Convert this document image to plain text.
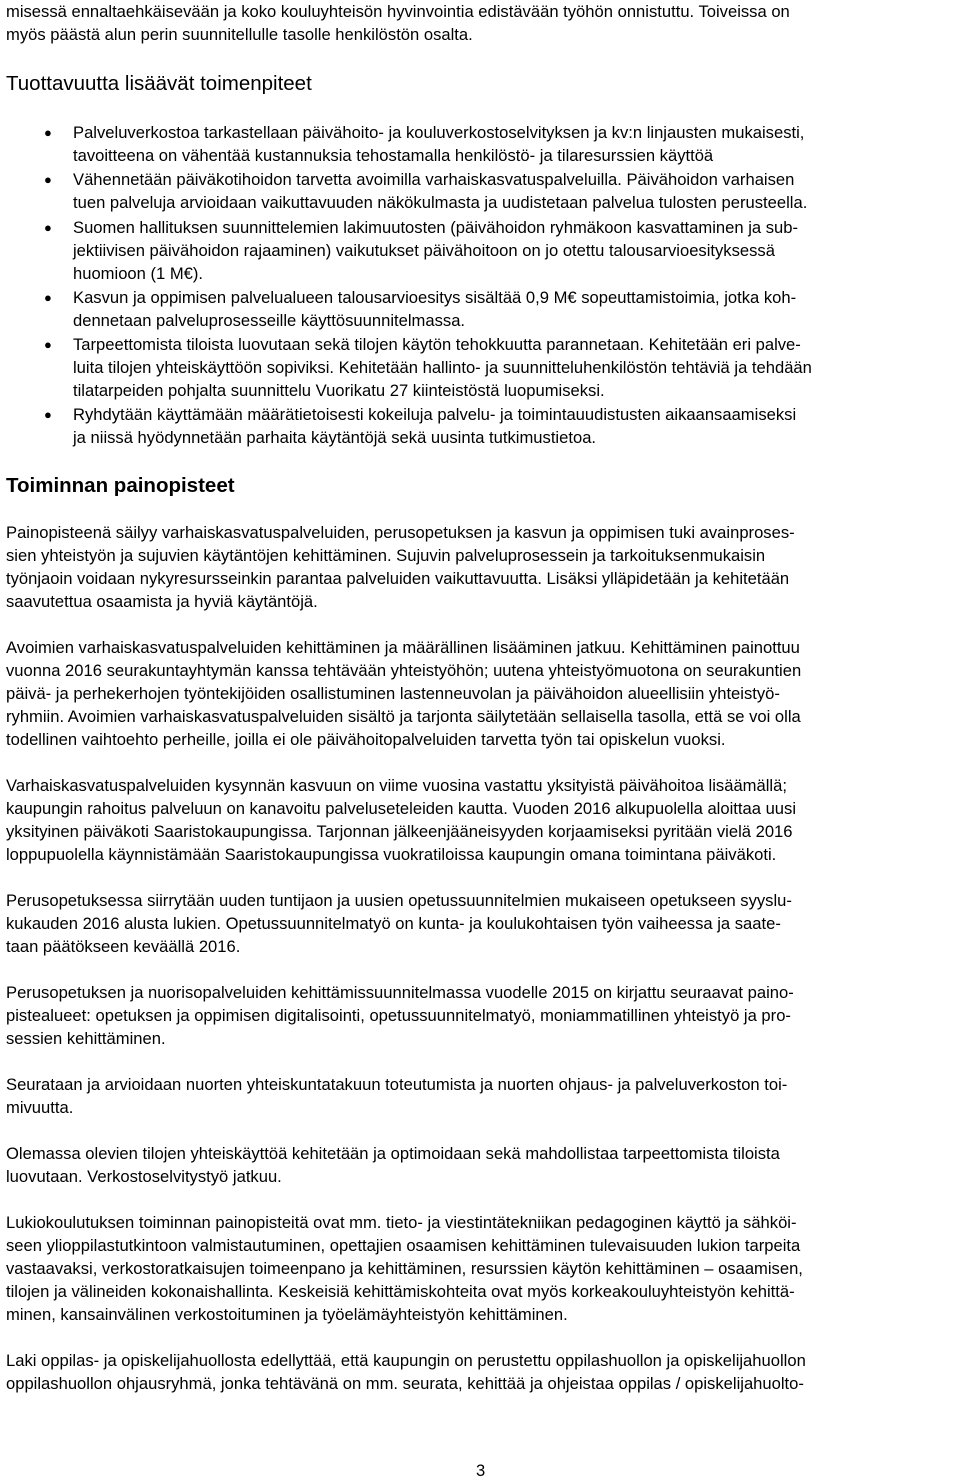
misessä ennaltaehkäisevään ja koko kouluyhteisön hyvinvointia edistävään työhön onnistuttu. Toiveissa on
myös päästä alun perin suunnitellulle tasolle henkilöstön osalta.
Tuottavuutta lisäävät toimenpiteet
● Palveluverkostoa tarkastellaan päivähoito- ja kouluverkostoselvityksen ja kv:n linjausten mukaisesti,
tavoitteena on vähentää kustannuksia tehostamalla henkilöstö- ja tilaresurssien käyttöä
● Vähennetään päiväkotihoidon tarvetta avoimilla varhaiskasvatuspalveluilla. Päivähoidon varhaisen
tuen palveluja arvioidaan vaikuttavuuden näkökulmasta ja uudistetaan palvelua tulosten perusteella.
● Suomen hallituksen suunnittelemien lakimuutosten (päivähoidon ryhmäkoon kasvattaminen ja sub-
jektiivisen päivähoidon rajaaminen) vaikutukset päivähoitoon on jo otettu talousarvioesityksessä
huomioon (1 M€).
● Kasvun ja oppimisen palvelualueen talousarvioesitys sisältää 0,9 M€ sopeuttamistoimia, jotka koh-
dennetaan palveluprosesseille käyttösuunnitelmassa.
● Tarpeettomista tiloista luovutaan sekä tilojen käytön tehokkuutta parannetaan. Kehitetään eri palve-
luita tilojen yhteiskäyttöön sopiviksi. Kehitetään hallinto- ja suunnitteluhenkilöstön tehtäviä ja tehdään
tilatarpeiden pohjalta suunnittelu Vuorikatu 27 kiinteistöstä luopumiseksi.
● Ryhdytään käyttämään määrätietoisesti kokeiluja palvelu- ja toimintauudistusten aikaansaamiseksi
ja niissä hyödynnetään parhaita käytäntöjä sekä uusinta tutkimustietoa.
Toiminnan painopisteet
Painopisteenä säilyy varhaiskasvatuspalveluiden, perusopetuksen ja kasvun ja oppimisen tuki avainproses-
sien yhteistyön ja sujuvien käytäntöjen kehittäminen. Sujuvin palveluprosessein ja tarkoituksenmukaisin
työnjaoin voidaan nykyresursseinkin parantaa palveluiden vaikuttavuutta. Lisäksi ylläpidetään ja kehitetään
saavutettua osaamista ja hyviä käytäntöjä.
Avoimien varhaiskasvatuspalveluiden kehittäminen ja määrällinen lisääminen jatkuu. Kehittäminen painottuu
vuonna 2016 seurakuntayhtymän kanssa tehtävään yhteistyöhön; uutena yhteistyömuotona on seurakuntien
päivä- ja perhekerhojen työntekijöiden osallistuminen lastenneuvolan ja päivähoidon alueellisiin yhteistyö-
ryhmiin. Avoimien varhaiskasvatuspalveluiden sisältö ja tarjonta säilytetään sellaisella tasolla, että se voi olla
todellinen vaihtoehto perheille, joilla ei ole päivähoitopalveluiden tarvetta työn tai opiskelun vuoksi.
Varhaiskasvatuspalveluiden kysynnän kasvuun on viime vuosina vastattu yksityistä päivähoitoa lisäämällä;
kaupungin rahoitus palveluun on kanavoitu palveluseteleiden kautta. Vuoden 2016 alkupuolella aloittaa uusi
yksityinen päiväkoti Saaristokaupungissa. Tarjonnan jälkeenjääneisyyden korjaamiseksi pyritään vielä 2016
loppupuolella käynnistämään Saaristokaupungissa vuokratiloissa kaupungin omana toimintana päiväkoti.
Perusopetuksessa siirrytään uuden tuntijaon ja uusien opetussuunnitelmien mukaiseen opetukseen syyslu-
kukauden 2016 alusta lukien. Opetussuunnitelmatyö on kunta- ja koulukohtaisen työn vaiheessa ja saate-
taan päätökseen keväällä 2016.
Perusopetuksen ja nuorisopalveluiden kehittämissuunnitelmassa vuodelle 2015 on kirjattu seuraavat paino-
pistealueet: opetuksen ja oppimisen digitalisointi, opetussuunnitelmatyö, moniammatillinen yhteistyö ja pro-
sessien kehittäminen.
Seurataan ja arvioidaan nuorten yhteiskuntatakuun toteutumista ja nuorten ohjaus- ja palveluverkoston toi-
mivuutta.
Olemassa olevien tilojen yhteiskäyttöä kehitetään ja optimoidaan sekä mahdollistaa tarpeettomista tiloista
luovutaan. Verkostoselvitystyö jatkuu.
Lukiokoulutuksen toiminnan painopisteitä ovat mm. tieto- ja viestintätekniikan pedagoginen käyttö ja sähköi-
seen ylioppilastutkintoon valmistautuminen, opettajien osaamisen kehittäminen tulevaisuuden lukion tarpeita
vastaavaksi, verkostoratkaisujen toimeenpano ja kehittäminen, resurssien käytön kehittäminen – osaamisen,
tilojen ja välineiden kokonaishallinta. Keskeisiä kehittämiskohteita ovat myös korkeakouluyhteistyön kehittä-
minen, kansainvälinen verkostoituminen ja työelämäyhteistyön kehittäminen.
Laki oppilas- ja opiskelijahuollosta edellyttää, että kaupungin on perustettu oppilashuollon ja opiskelijahuollon
oppilashuollon ohjausryhmä, jonka tehtävänä on mm. seurata, kehittää ja ohjeistaa oppilas / opiskelijahuolto-
3
